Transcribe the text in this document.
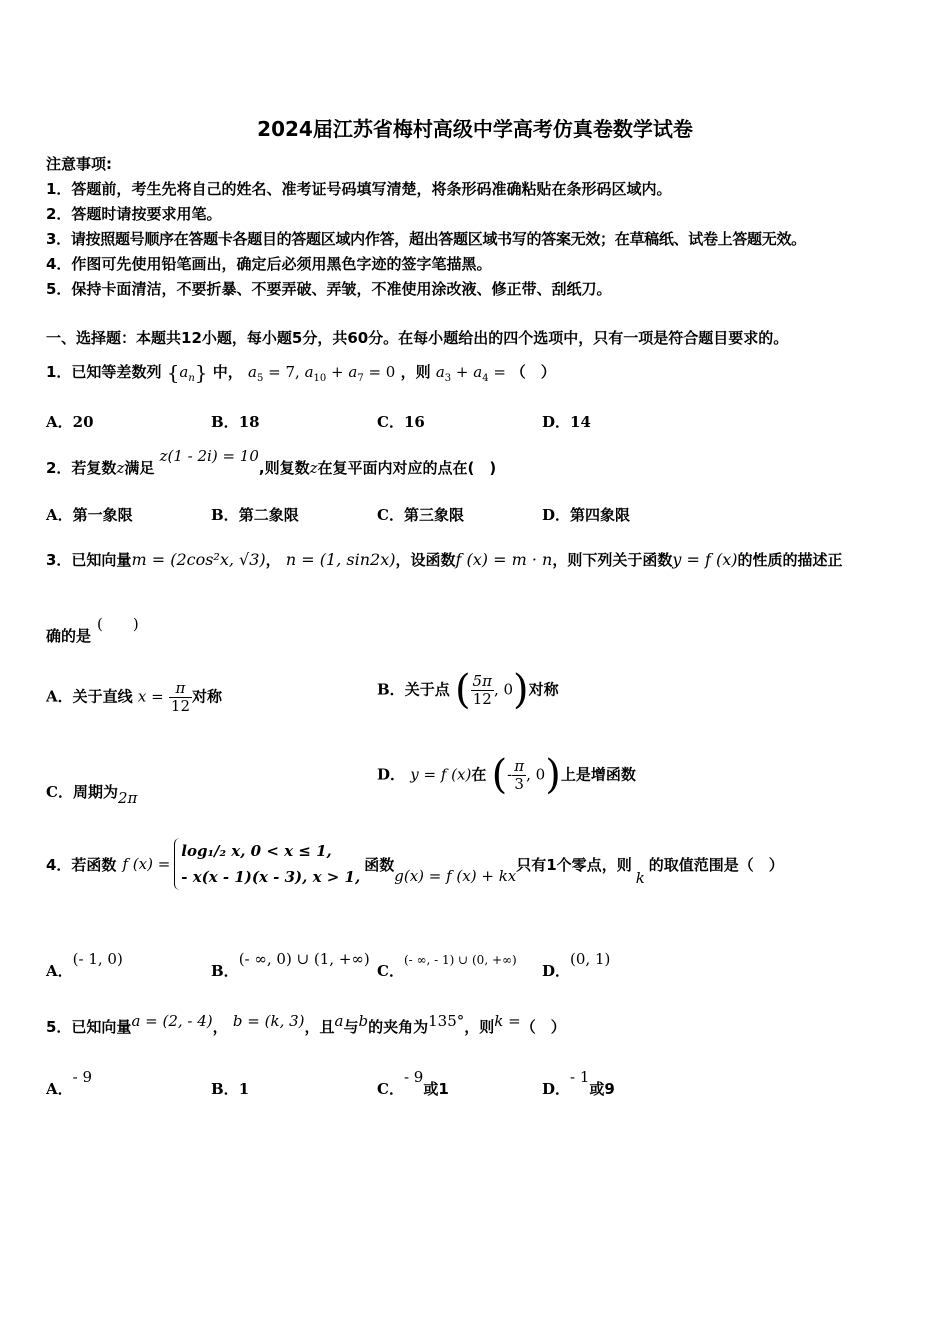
2024届江苏省梅村高级中学高考仿真卷数学试卷
注意事项:
1．答题前，考生先将自己的姓名、准考证号码填写清楚，将条形码准确粘贴在条形码区域内。
2．答题时请按要求用笔。
3．请按照题号顺序在答题卡各题目的答题区域内作答，超出答题区域书写的答案无效；在草稿纸、试卷上答题无效。
4．作图可先使用铅笔画出，确定后必须用黑色字迹的签字笔描黑。
5．保持卡面清洁，不要折暴、不要弄破、弄皱，不准使用涂改液、修正带、刮纸刀。
一、选择题：本题共12小题，每小题5分，共60分。在每小题给出的四个选项中，只有一项是符合题目要求的。
1．已知等差数列 $\{a_n\}$ 中， $a_5 = 7$, $a_{10} + a_7 = 0$ ，则 $a_3 + a_4$ = （　）
A．20	B．18	C．16	D．14
2．若复数z满足 z(1 - 2i) = 10,则复数z在复平面内对应的点在(　)
A．第一象限	B．第二象限	C．第三象限	D．第四象限
3．已知向量m = (2cos²x, √3)， n = (1, sin2x)，设函数f (x) = m · n，则下列关于函数y = f (x)的性质的描述正
确的是(　　)
A．关于直线 $x = \frac{\pi}{12}$ 对称	B．关于点 ( $\frac{5\pi}{12}$ , 0)对称
C．周期为2π
D． y = f (x)在 (- $\frac{\pi}{3}$ , 0)上是增函数
4．若函数 f (x) =
log₁/₂ x, 0 < x ≤ 1,
- x(x - 1)(x - 3), x > 1,
函数
g(x) = f (x) + kx
只有1个零点，则
k
的取值范围是（　）
A．(- 1, 0)
B．(- ∞, 0) ∪ (1, +∞)
C．(- ∞, - 1) ∪ (0, +∞)
D．(0, 1)
5．已知向量a = (2, - 4)， b = (k, 3)，且a与b的夹角为135°，则k =（　）
A．- 9
B．1	C．- 9或1	D．- 1或9
